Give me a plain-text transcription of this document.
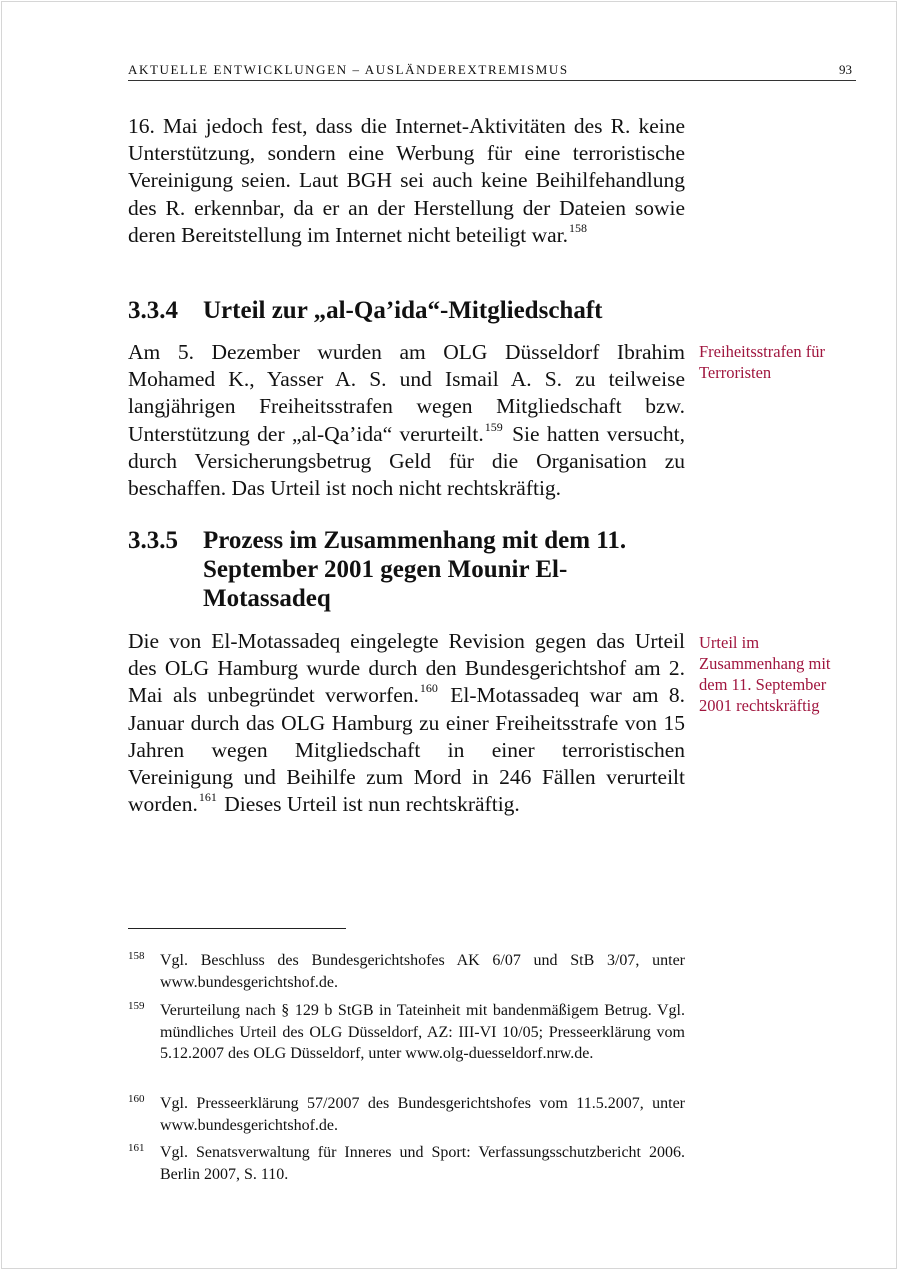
AKTUELLE ENTWICKLUNGEN – AUSLÄNDEREXTREMISMUS	93
16. Mai jedoch fest, dass die Internet-Aktivitäten des R. keine Unterstützung, sondern eine Werbung für eine terroristische Vereinigung seien. Laut BGH sei auch keine Beihilfehandlung des R. erkennbar, da er an der Herstellung der Dateien sowie deren Bereitstellung im Internet nicht beteiligt war.$^{158}$
3.3.4 Urteil zur „al-Qa’ida“-Mitgliedschaft
Am 5. Dezember wurden am OLG Düsseldorf Ibrahim Mohamed K., Yasser A. S. und Ismail A. S. zu teilweise langjährigen Freiheitsstrafen wegen Mitgliedschaft bzw. Unterstützung der „al-Qa’ida“ verurteilt.$^{159}$ Sie hatten versucht, durch Versicherungsbetrug Geld für die Organisation zu beschaffen. Das Urteil ist noch nicht rechtskräftig.
Freiheitsstrafen für Terroristen
3.3.5 Prozess im Zusammenhang mit dem 11. September 2001 gegen Mounir El-Motassadeq
Die von El-Motassadeq eingelegte Revision gegen das Urteil des OLG Hamburg wurde durch den Bundesgerichtshof am 2. Mai als unbegründet verworfen.$^{160}$ El-Motassadeq war am 8. Januar durch das OLG Hamburg zu einer Freiheitsstrafe von 15 Jahren wegen Mitgliedschaft in einer terroristischen Vereinigung und Beihilfe zum Mord in 246 Fällen verurteilt worden.$^{161}$ Dieses Urteil ist nun rechtskräftig.
Urteil im Zusammenhang mit dem 11. September 2001 rechtskräftig
158 Vgl. Beschluss des Bundesgerichtshofes AK 6/07 und StB 3/07, unter www.bundesgerichtshof.de.
159 Verurteilung nach § 129 b StGB in Tateinheit mit bandenmäßigem Betrug. Vgl. mündliches Urteil des OLG Düsseldorf, AZ: III-VI 10/05; Presseerklärung vom 5.12.2007 des OLG Düsseldorf, unter www.olg-duesseldorf.nrw.de.
160 Vgl. Presseerklärung 57/2007 des Bundesgerichtshofes vom 11.5.2007, unter www.bundesgerichtshof.de.
161 Vgl. Senatsverwaltung für Inneres und Sport: Verfassungsschutzbericht 2006. Berlin 2007, S. 110.
